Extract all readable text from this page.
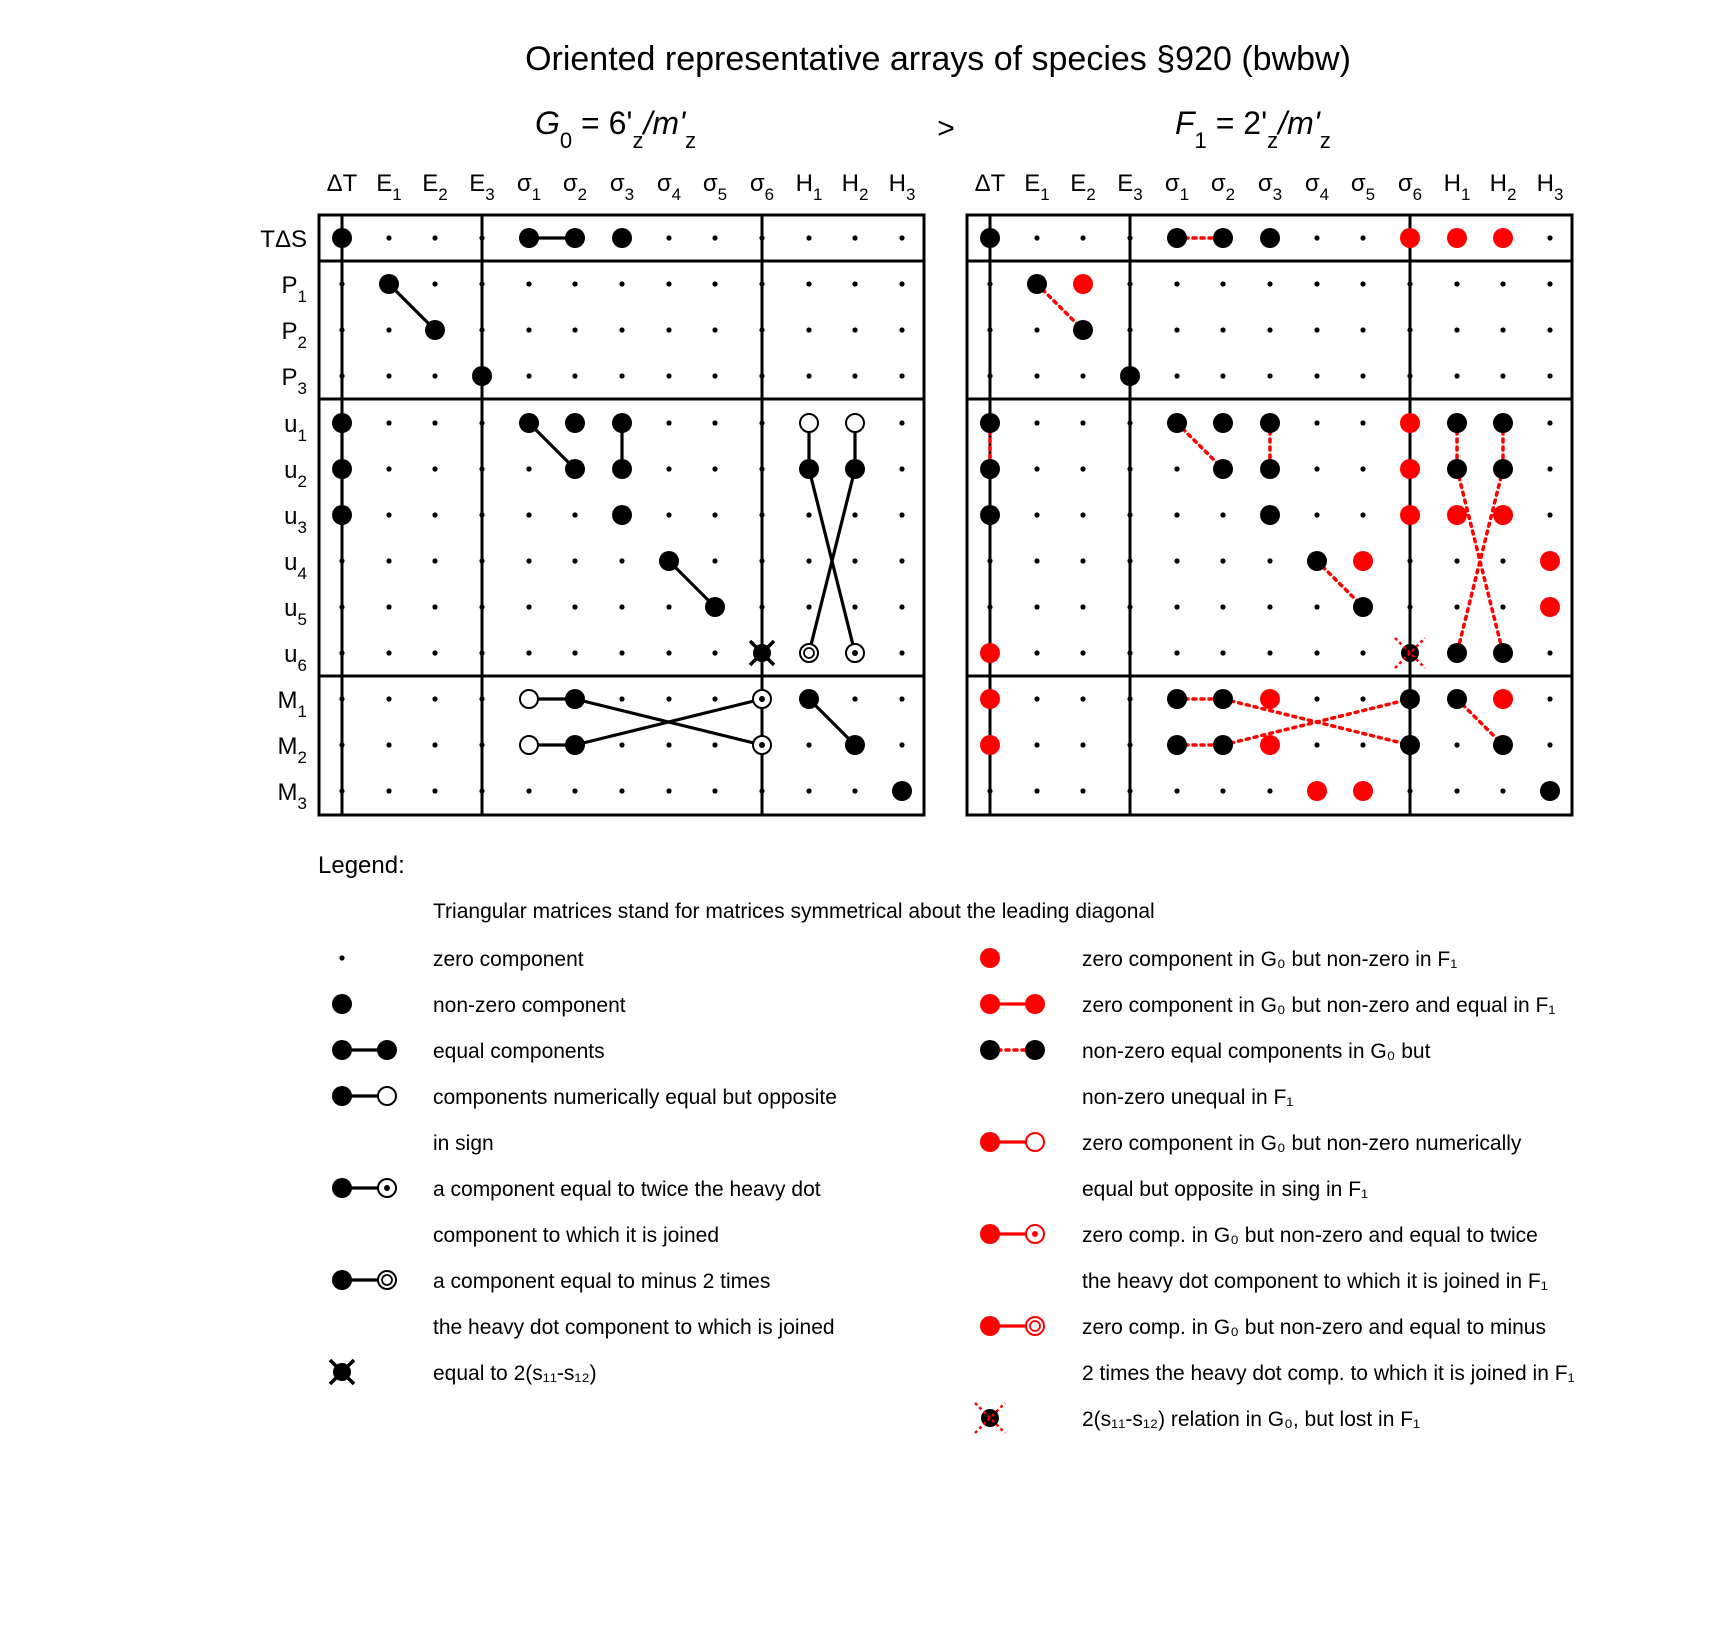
Oriented representative arrays of species §920 (bwbw)
$G_0 = 6'_z/m'_z$	>	$F_1 = 2'_z/m'_z$
ΔT $E_1$ $E_2$ $E_3$ $\sigma_1$ $\sigma_2$ $\sigma_3$ $\sigma_4$ $\sigma_5$ $\sigma_6$ $H_1$ $H_2$ $H_3$
TΔS
$P_1$
$P_2$
$P_3$
$u_1$
$u_2$
$u_3$
$u_4$
$u_5$
$u_6$
$M_1$
$M_2$
$M_3$
ΔT $E_1$ $E_2$ $E_3$ $\sigma_1$ $\sigma_2$ $\sigma_3$ $\sigma_4$ $\sigma_5$ $\sigma_6$ $H_1$ $H_2$ $H_3$
Legend:
Triangular matrices stand for matrices symmetrical about the leading diagonal
zero component
non-zero component
equal components
components numerically equal but opposite
in sign
a component equal to twice the heavy dot
component to which it is joined
a component equal to minus 2 times
the heavy dot component to which is joined
equal to 2(s₁₁-s₁₂)
zero component in G₀ but non-zero in F₁
zero component in G₀ but non-zero and equal in F₁
non-zero equal components in G₀ but
non-zero unequal in F₁
zero component in G₀ but non-zero numerically
equal but opposite in sing in F₁
zero comp. in G₀ but non-zero and equal to twice
the heavy dot component to which it is joined in F₁
zero comp. in G₀ but non-zero and equal to minus
2 times the heavy dot comp. to which it is joined in F₁
2(s₁₁-s₁₂) relation in G₀, but lost in F₁
